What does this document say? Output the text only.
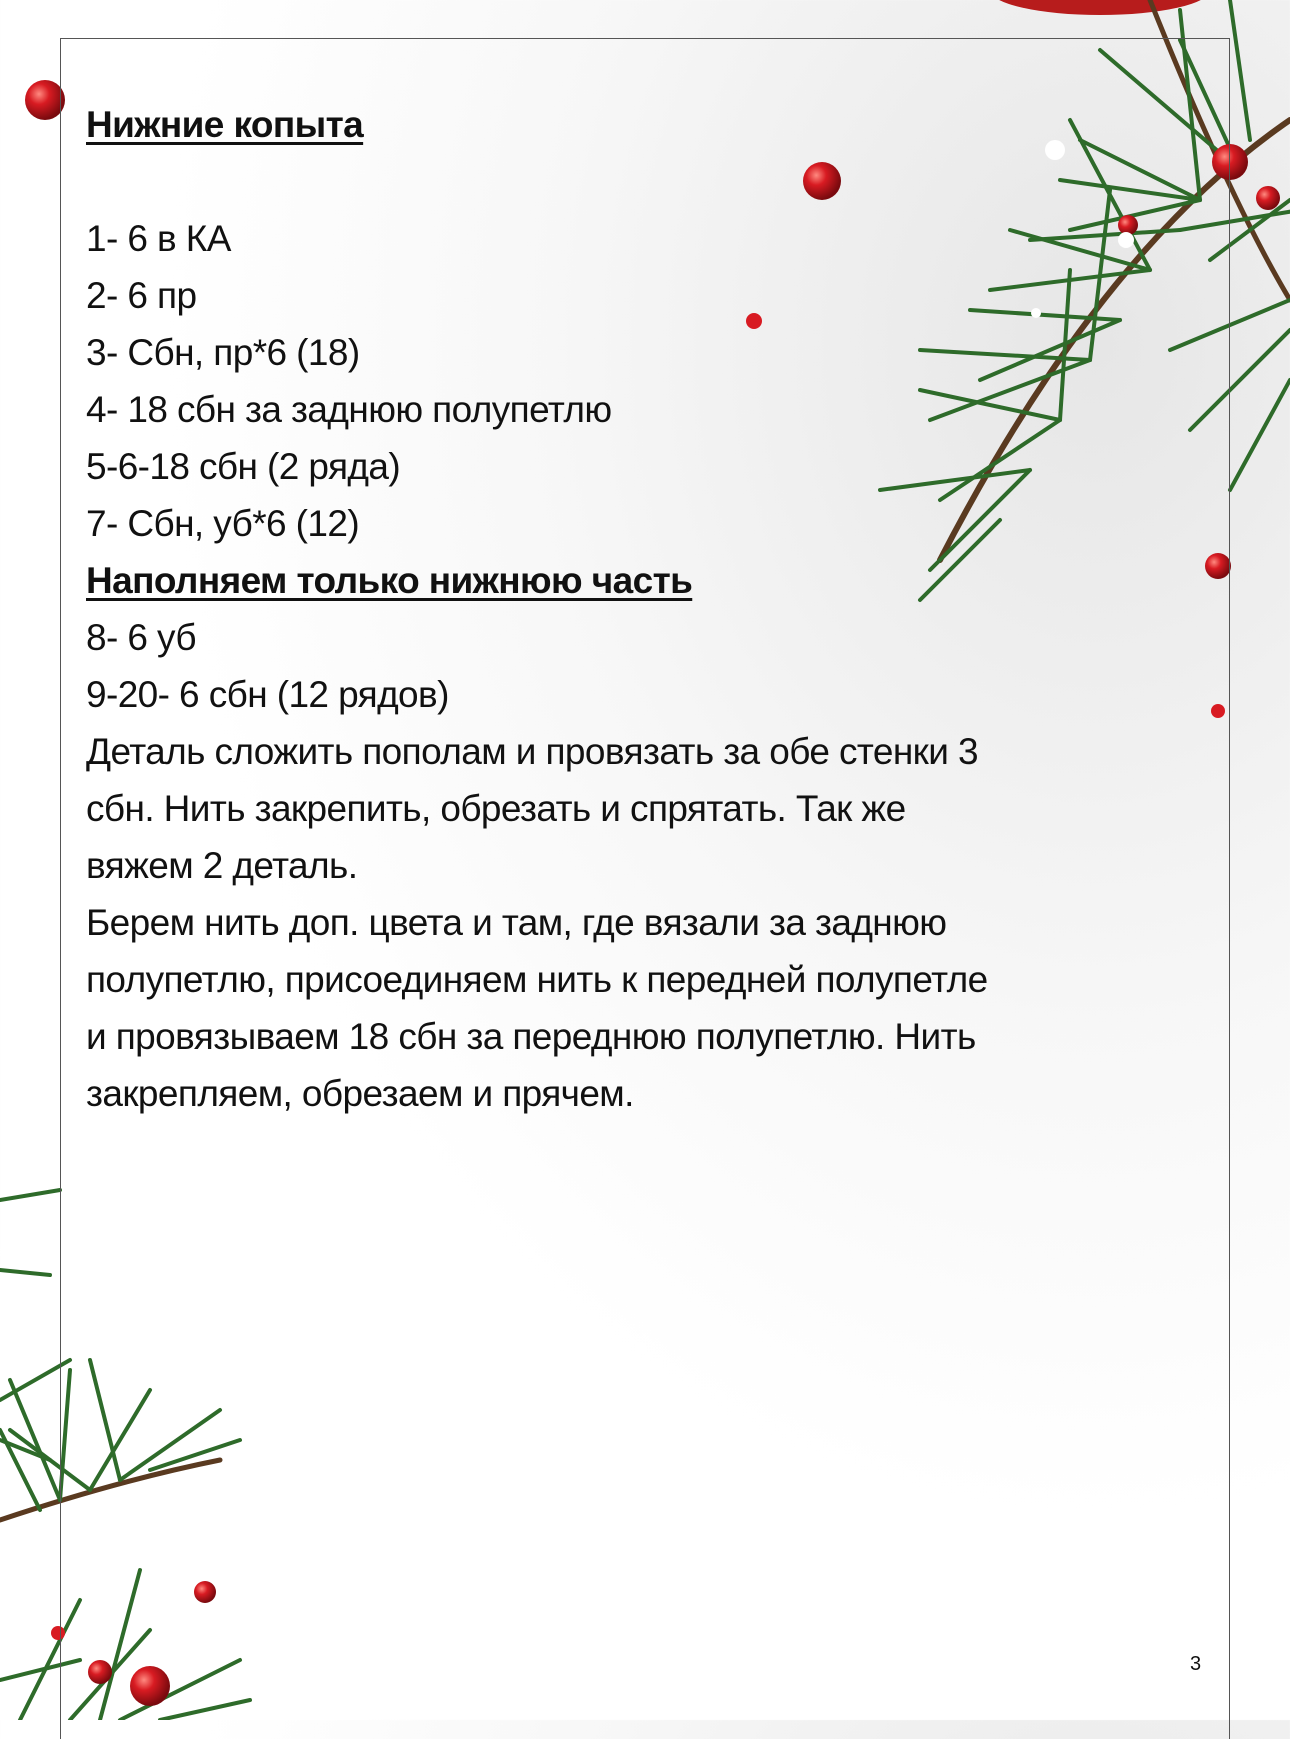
Нижние копыта
1- 6 в КА
2- 6 пр
3- Сбн, пр*6 (18)
4- 18 сбн за заднюю полупетлю
5-6-18 сбн (2 ряда)
7- Сбн, уб*6 (12)
Наполняем только нижнюю часть
8- 6 уб
9-20- 6 сбн (12 рядов)
Деталь сложить пополам и провязать за обе стенки 3
сбн. Нить закрепить, обрезать и спрятать. Так же
вяжем 2 деталь.
Берем нить доп. цвета и там, где вязали за заднюю
полупетлю, присоединяем нить к передней полупетле
и провязываем 18 сбн за переднюю полупетлю. Нить
закрепляем, обрезаем и прячем.
3
